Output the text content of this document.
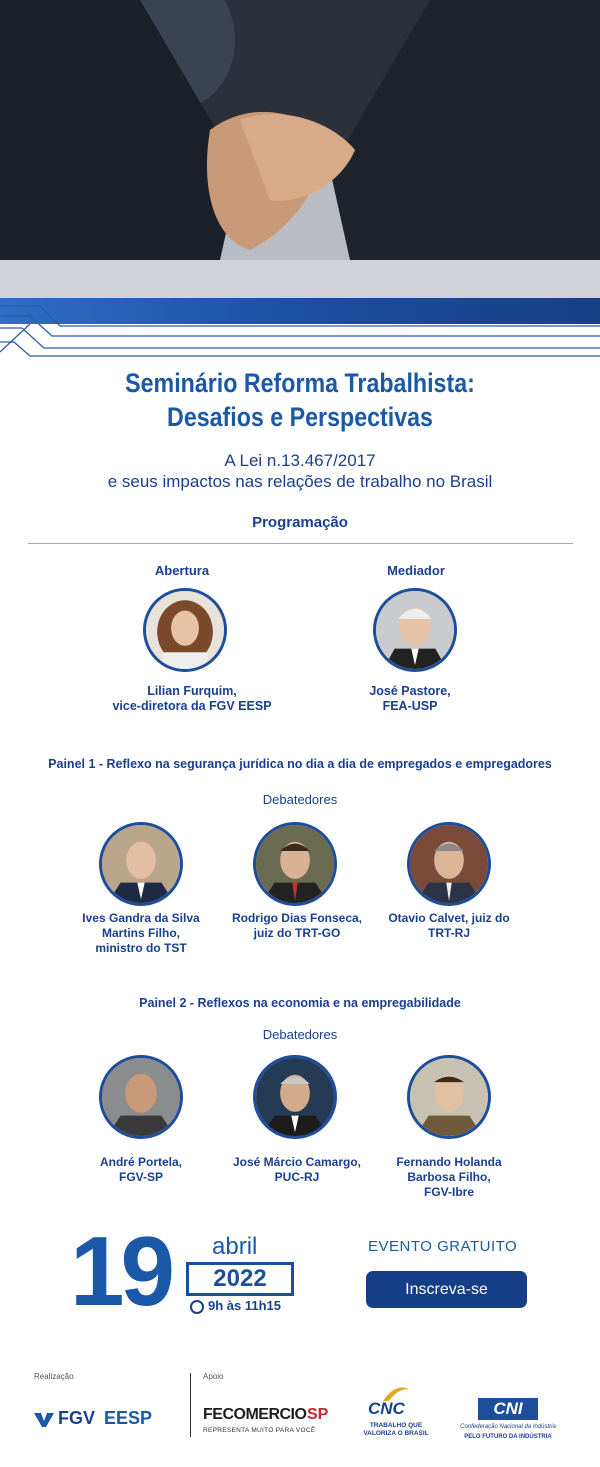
Seminário Reforma Trabalhista:
Desafios e Perspectivas
A Lei n.13.467/2017
e seus impactos nas relações de trabalho no Brasil
Programação
Abertura	Mediador
Lilian Furquim,
vice-diretora da FGV EESP
José Pastore,
FEA-USP
Painel 1 - Reflexo na segurança jurídica no dia a dia de empregados e empregadores
Debatedores
Ives Gandra da Silva
Martins Filho,
ministro do TST
Rodrigo Dias Fonseca,
juiz do TRT-GO
Otavio Calvet, juiz do
TRT-RJ
Painel 2 - Reflexos na economia e na empregabilidade
Debatedores
André Portela,
FGV-SP
José Márcio Camargo,
PUC-RJ
Fernando Holanda
Barbosa Filho,
FGV-Ibre
19 abril
2022
9h às 11h15
EVENTO GRATUITO
Inscreva-se
Realização	Apoio
FGV EESP	FECOMERCIO SP
REPRESENTA MUITO PARA VOCÊ
CNC
TRABALHO QUE
VALORIZA O BRASIL
CNI
Confederação Nacional da Indústria
PELO FUTURO DA INDÚSTRIA
